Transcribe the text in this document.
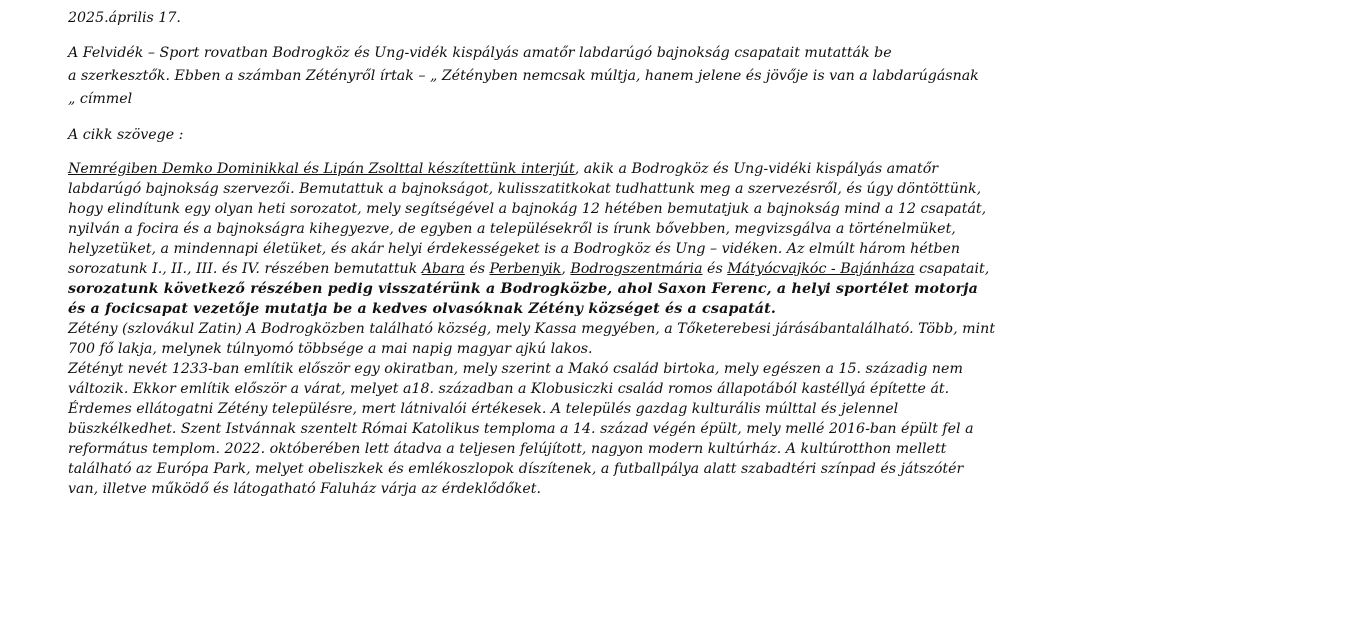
2025.április 17.
A Felvidék – Sport rovatban Bodrogköz és Ung-vidék kispályás amatőr labdarúgó bajnokság csapatait mutatták be
a szerkesztők. Ebben a számban Zétényről írtak – „ Zétényben nemcsak múltja, hanem jelene és jövője is van a labdarúgásnak
„ címmel
A cikk szövege :
Nemrégiben Demko Dominikkal és Lipán Zsolttal készítettünk interjút, akik a Bodrogköz és Ung-vidéki kispályás amatőr
labdarúgó bajnokság szervezői. Bemutattuk a bajnokságot, kulisszatitkokat tudhattunk meg a szervezésről, és úgy döntöttünk,
hogy elindítunk egy olyan heti sorozatot, mely segítségével a bajnokág 12 hétében bemutatjuk a bajnokság mind a 12 csapatát,
nyilván a focira és a bajnokságra kihegyezve, de egyben a településekről is írunk bővebben, megvizsgálva a történelmüket,
helyzetüket, a mindennapi életüket, és akár helyi érdekességeket is a Bodrogköz és Ung – vidéken. Az elmúlt három hétben
sorozatunk I., II., III. és IV. részében bemutattuk Abara és Perbenyik, Bodrogszentmária és Mátyócvajkóc - Bajánháza csapatait,
sorozatunk következő részében pedig visszatérünk a Bodrogközbe, ahol Saxon Ferenc, a helyi sportélet motorja
és a focicsapat vezetője mutatja be a kedves olvasóknak Zétény községet és a csapatát.
Zétény (szlovákul Zatin) A Bodrogközben található község, mely Kassa megyében, a Tőketerebesi járásábantalálható. Több, mint
700 fő lakja, melynek túlnyomó többsége a mai napig magyar ajkú lakos.
Zétényt nevét 1233-ban említik először egy okiratban, mely szerint a Makó család birtoka, mely egészen a 15. századig nem
változik. Ekkor említik először a várat, melyet a18. században a Klobusiczki család romos állapotából kastéllyá építette át.
Érdemes ellátogatni Zétény településre, mert látnivalói értékesek. A település gazdag kulturális múlttal és jelennel
büszkélkedhet. Szent Istvánnak szentelt Római Katolikus temploma a 14. század végén épült, mely mellé 2016-ban épült fel a
református templom. 2022. októberében lett átadva a teljesen felújított, nagyon modern kultúrház. A kultúrotthon mellett
található az Európa Park, melyet obeliszkek és emlékoszlopok díszítenek, a futballpálya alatt szabadtéri színpad és játszótér
van, illetve működő és látogatható Faluház várja az érdeklődőket.
